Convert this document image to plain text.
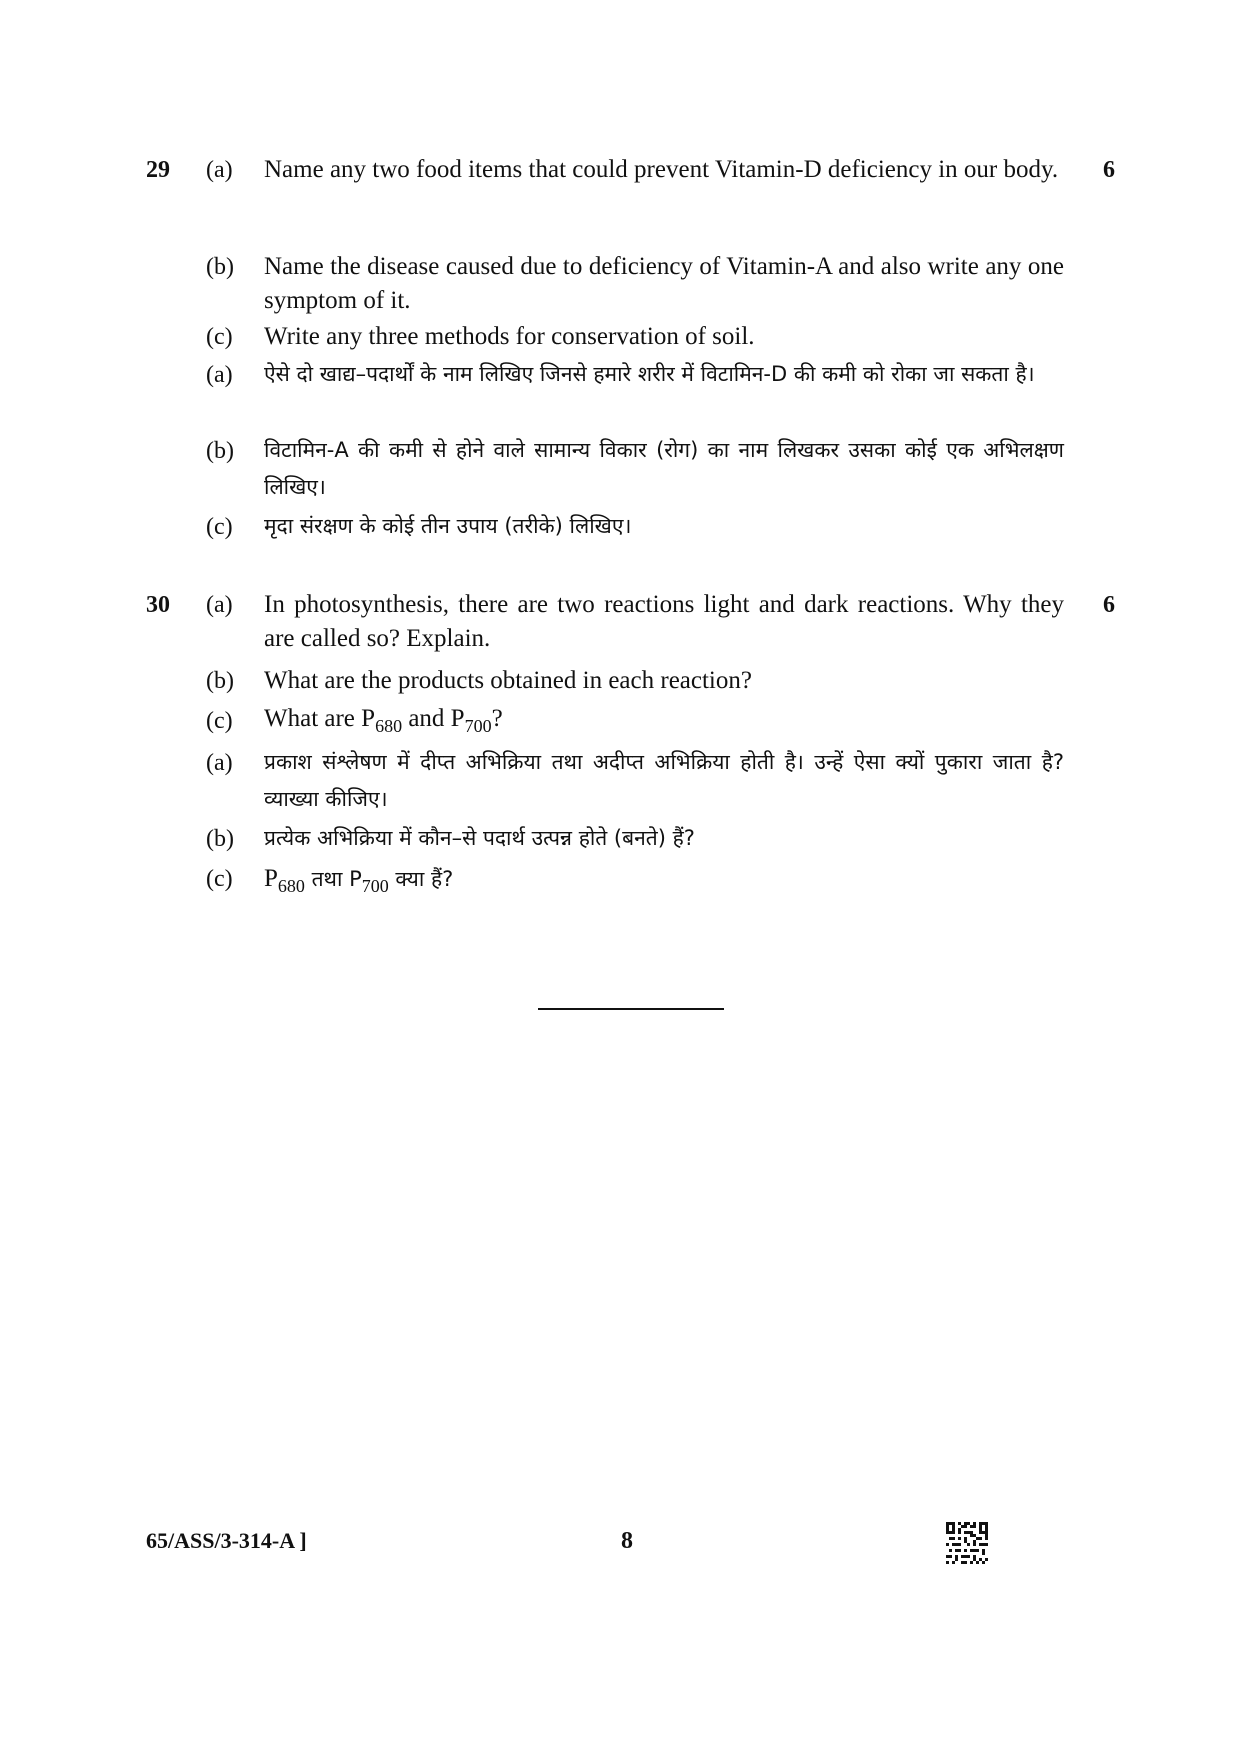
29	6
(a) Name any two food items that could prevent Vitamin-D deficiency in our body.
(b) Name the disease caused due to deficiency of Vitamin-A and also write any one symptom of it.
(c) Write any three methods for conservation of soil.
(a) ऐसे दो खाद्य–पदार्थों के नाम लिखिए जिनसे हमारे शरीर में विटामिन-D की कमी को रोका जा सकता है।
(b) विटामिन-A की कमी से होने वाले सामान्य विकार (रोग) का नाम लिखकर उसका कोई एक अभिलक्षण लिखिए।
(c) मृदा संरक्षण के कोई तीन उपाय (तरीके) लिखिए।
30	6
(a) In photosynthesis, there are two reactions light and dark reactions. Why they are called so? Explain.
(b) What are the products obtained in each reaction?
(c) What are $P_{680}$ and $P_{700}$?
(a) प्रकाश संश्लेषण में दीप्त अभिक्रिया तथा अदीप्त अभिक्रिया होती है। उन्हें ऐसा क्यों पुकारा जाता है? व्याख्या कीजिए।
(b) प्रत्येक अभिक्रिया में कौन–से पदार्थ उत्पन्न होते (बनते) हैं?
(c) P680 तथा P700 क्या हैं?
65/ASS/3-314-A ]	8
